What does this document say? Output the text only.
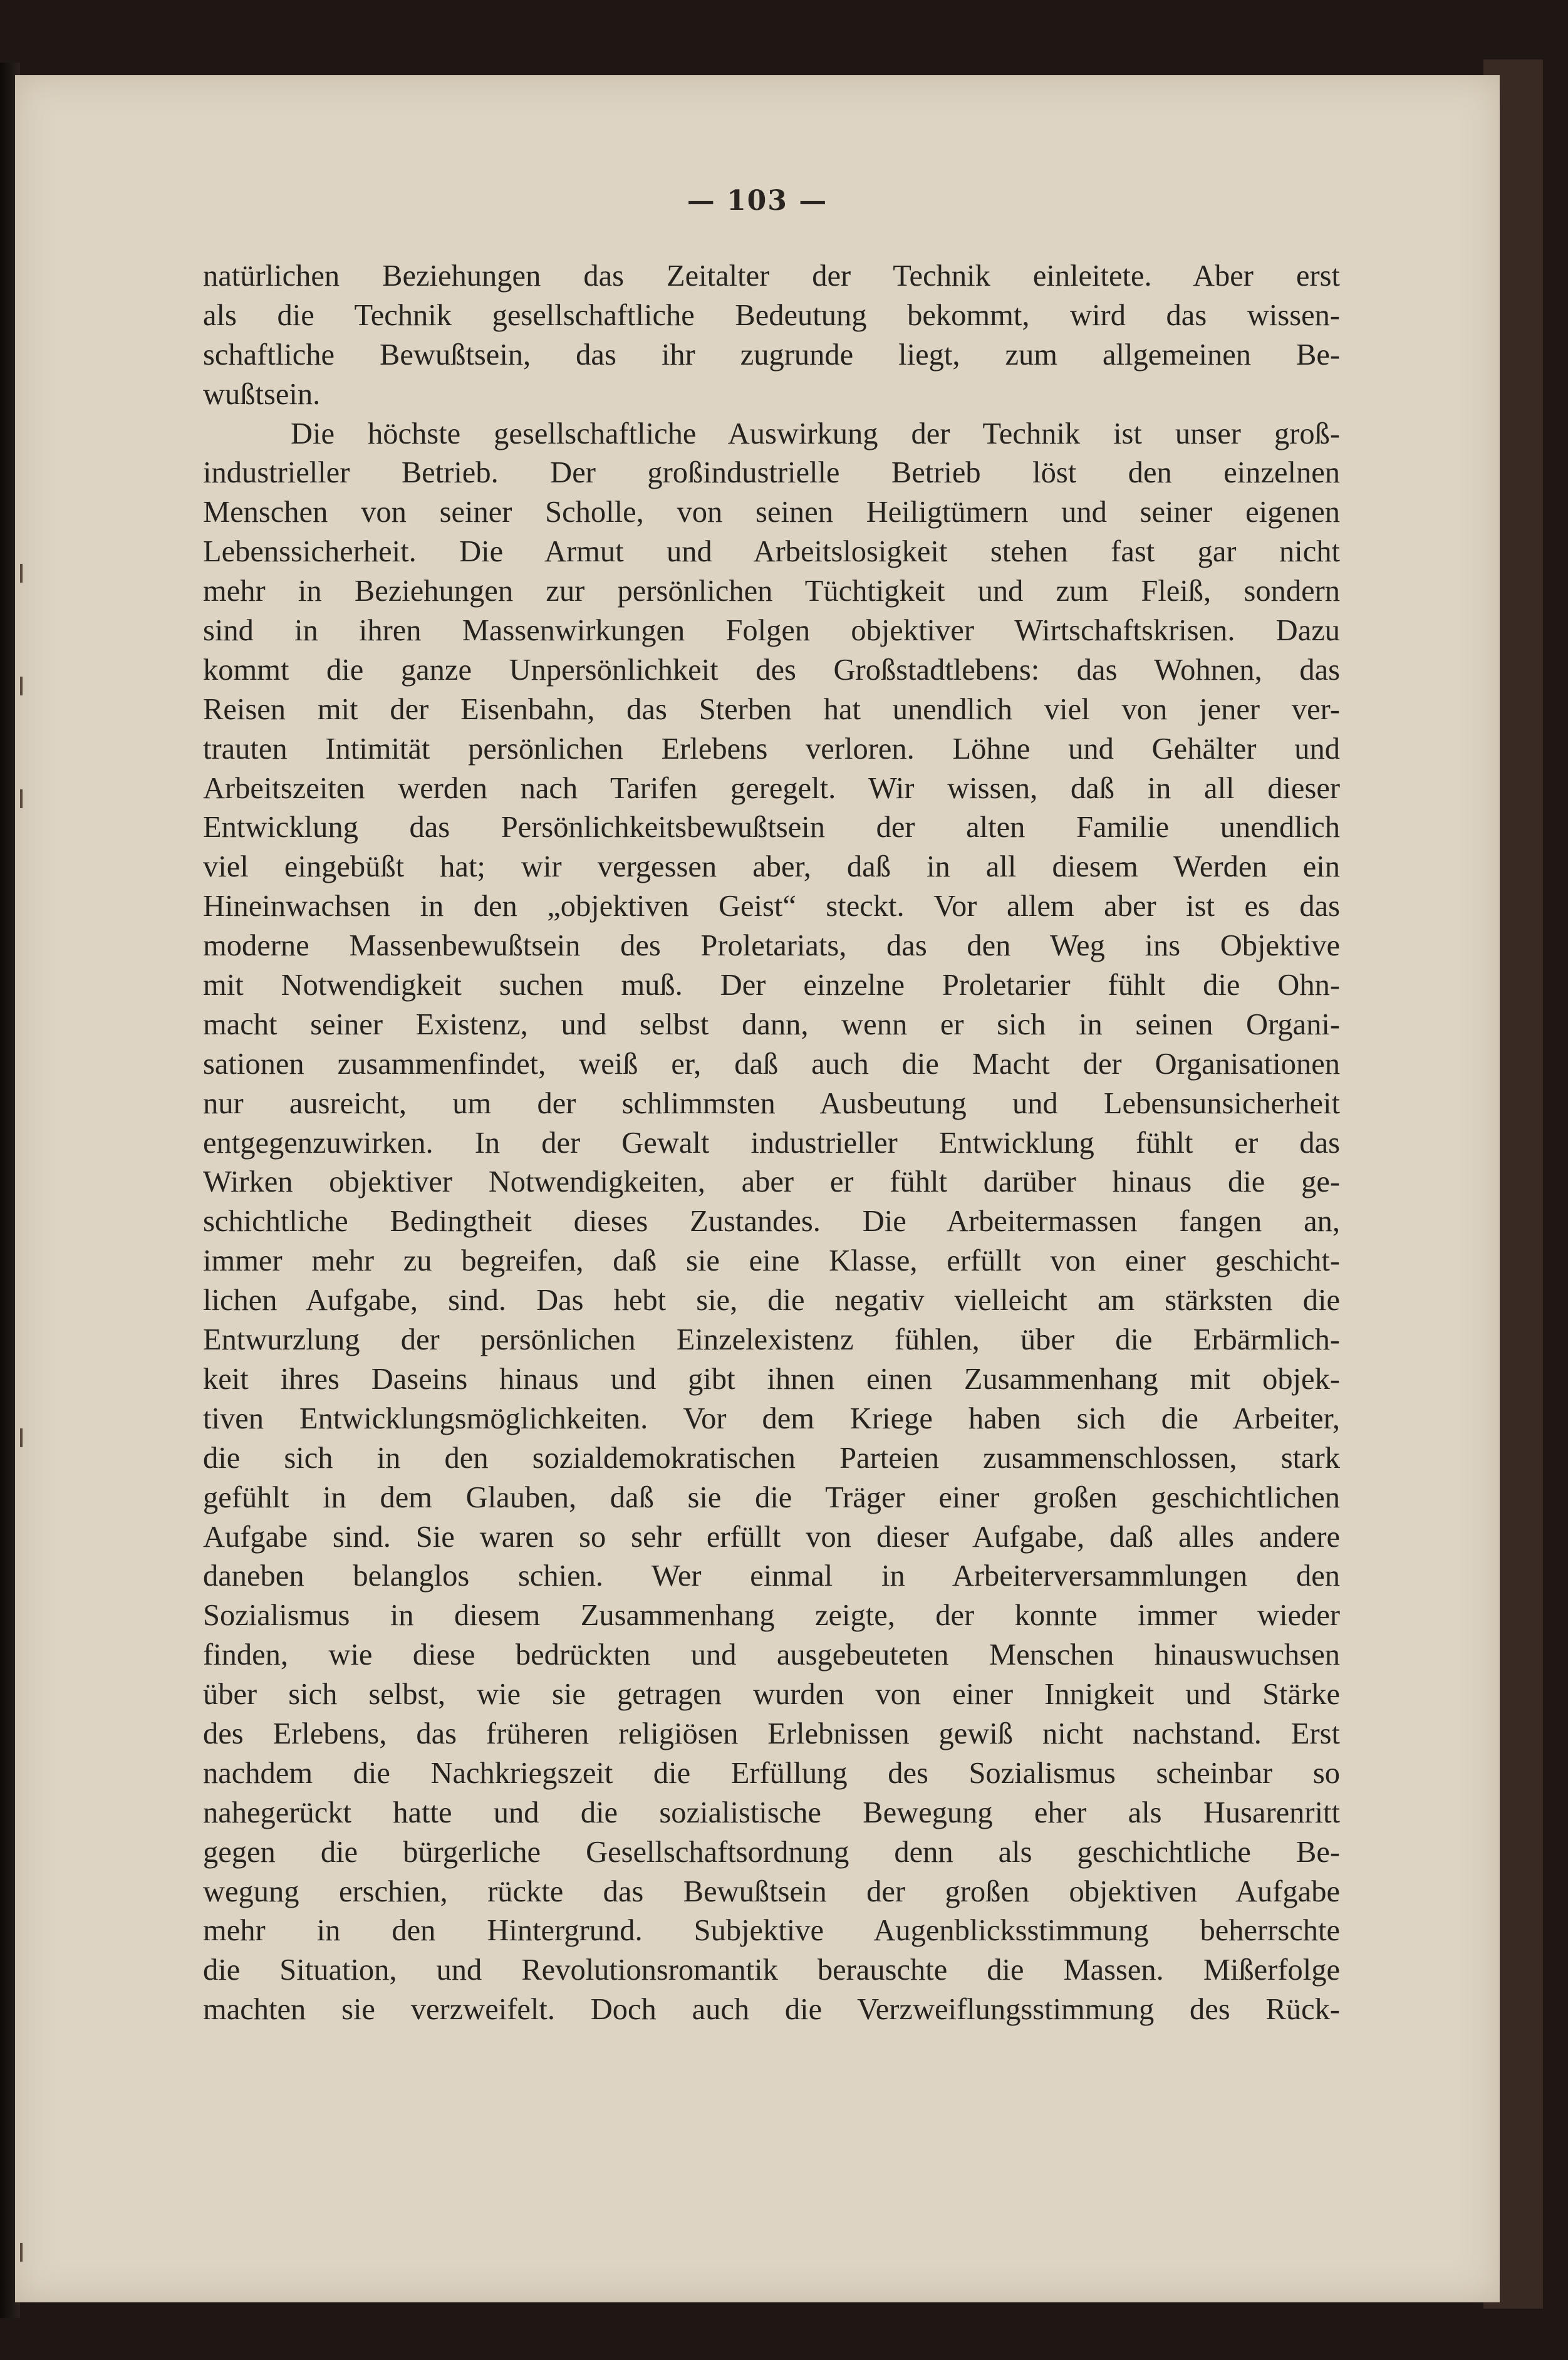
— 103 —
natürlichen Beziehungen das Zeitalter der Technik einleitete. Aber erst
als die Technik gesellschaftliche Bedeutung bekommt, wird das wissen-
schaftliche Bewußtsein, das ihr zugrunde liegt, zum allgemeinen Be-
wußtsein.
Die höchste gesellschaftliche Auswirkung der Technik ist unser groß-
industrieller Betrieb. Der großindustrielle Betrieb löst den einzelnen
Menschen von seiner Scholle, von seinen Heiligtümern und seiner eigenen
Lebenssicherheit. Die Armut und Arbeitslosigkeit stehen fast gar nicht
mehr in Beziehungen zur persönlichen Tüchtigkeit und zum Fleiß, sondern
sind in ihren Massenwirkungen Folgen objektiver Wirtschaftskrisen. Dazu
kommt die ganze Unpersönlichkeit des Großstadtlebens: das Wohnen, das
Reisen mit der Eisenbahn, das Sterben hat unendlich viel von jener ver-
trauten Intimität persönlichen Erlebens verloren. Löhne und Gehälter und
Arbeitszeiten werden nach Tarifen geregelt. Wir wissen, daß in all dieser
Entwicklung das Persönlichkeitsbewußtsein der alten Familie unendlich
viel eingebüßt hat; wir vergessen aber, daß in all diesem Werden ein
Hineinwachsen in den „objektiven Geist“ steckt. Vor allem aber ist es das
moderne Massenbewußtsein des Proletariats, das den Weg ins Objektive
mit Notwendigkeit suchen muß. Der einzelne Proletarier fühlt die Ohn-
macht seiner Existenz, und selbst dann, wenn er sich in seinen Organi-
sationen zusammenfindet, weiß er, daß auch die Macht der Organisationen
nur ausreicht, um der schlimmsten Ausbeutung und Lebensunsicherheit
entgegenzuwirken. In der Gewalt industrieller Entwicklung fühlt er das
Wirken objektiver Notwendigkeiten, aber er fühlt darüber hinaus die ge-
schichtliche Bedingtheit dieses Zustandes. Die Arbeitermassen fangen an,
immer mehr zu begreifen, daß sie eine Klasse, erfüllt von einer geschicht-
lichen Aufgabe, sind. Das hebt sie, die negativ vielleicht am stärksten die
Entwurzlung der persönlichen Einzelexistenz fühlen, über die Erbärmlich-
keit ihres Daseins hinaus und gibt ihnen einen Zusammenhang mit objek-
tiven Entwicklungsmöglichkeiten. Vor dem Kriege haben sich die Arbeiter,
die sich in den sozialdemokratischen Parteien zusammenschlossen, stark
gefühlt in dem Glauben, daß sie die Träger einer großen geschichtlichen
Aufgabe sind. Sie waren so sehr erfüllt von dieser Aufgabe, daß alles andere
daneben belanglos schien. Wer einmal in Arbeiterversammlungen den
Sozialismus in diesem Zusammenhang zeigte, der konnte immer wieder
finden, wie diese bedrückten und ausgebeuteten Menschen hinauswuchsen
über sich selbst, wie sie getragen wurden von einer Innigkeit und Stärke
des Erlebens, das früheren religiösen Erlebnissen gewiß nicht nachstand. Erst
nachdem die Nachkriegszeit die Erfüllung des Sozialismus scheinbar so
nahegerückt hatte und die sozialistische Bewegung eher als Husarenritt
gegen die bürgerliche Gesellschaftsordnung denn als geschichtliche Be-
wegung erschien, rückte das Bewußtsein der großen objektiven Aufgabe
mehr in den Hintergrund. Subjektive Augenblicksstimmung beherrschte
die Situation, und Revolutionsromantik berauschte die Massen. Mißerfolge
machten sie verzweifelt. Doch auch die Verzweiflungsstimmung des Rück-
